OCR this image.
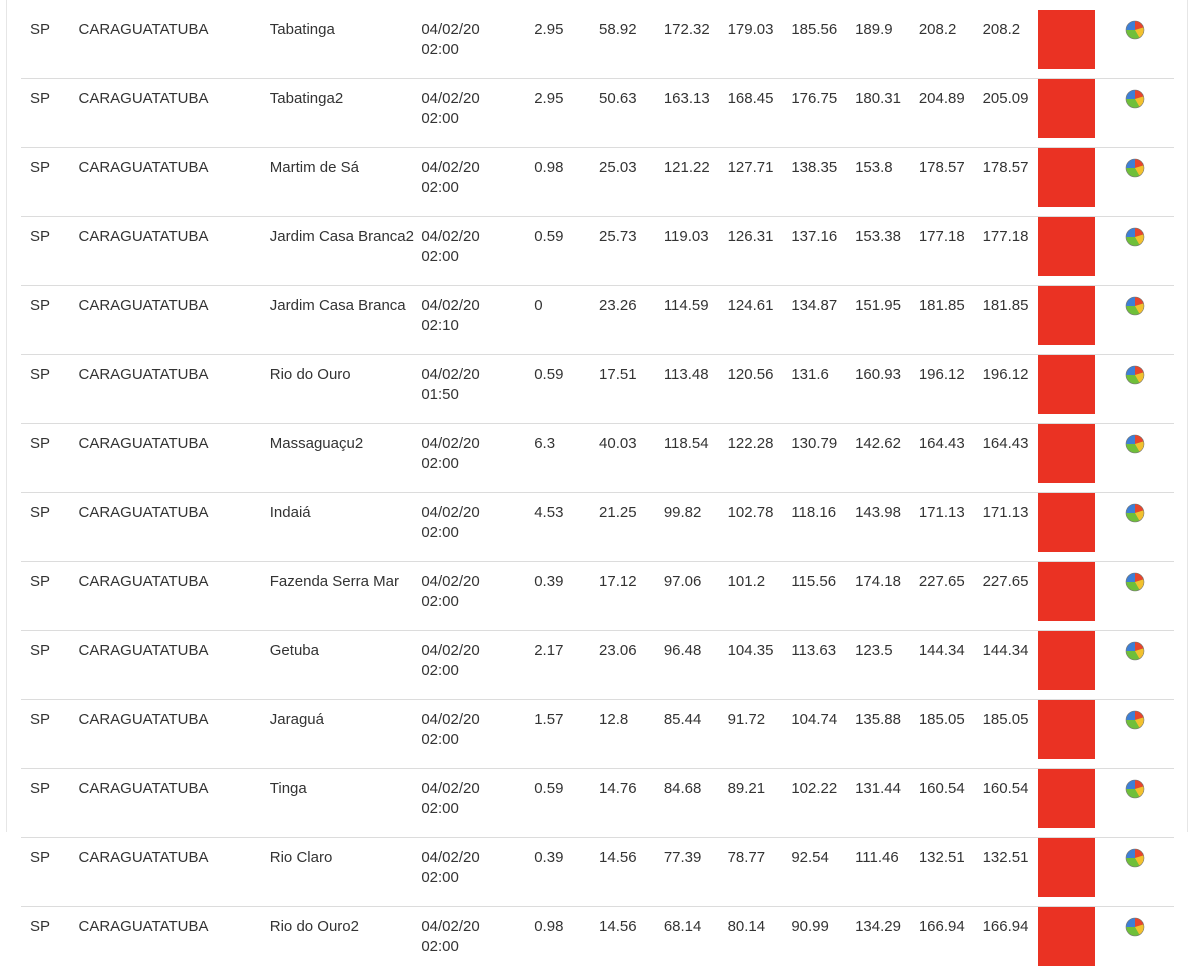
SP	CARAGUATATUBA	Tabatinga	04/02/20
02:00	2.95	58.92	172.32	179.03	185.56	189.9	208.2	208.2	

SP	CARAGUATATUBA	Tabatinga2	04/02/20
02:00	2.95	50.63	163.13	168.45	176.75	180.31	204.89	205.09	

SP	CARAGUATATUBA	Martim de Sá	04/02/20
02:00	0.98	25.03	121.22	127.71	138.35	153.8	178.57	178.57	

SP	CARAGUATATUBA	Jardim Casa Branca2	04/02/20
02:00	0.59	25.73	119.03	126.31	137.16	153.38	177.18	177.18	

SP	CARAGUATATUBA	Jardim Casa Branca	04/02/20
02:10	0	23.26	114.59	124.61	134.87	151.95	181.85	181.85	

SP	CARAGUATATUBA	Rio do Ouro	04/02/20
01:50	0.59	17.51	113.48	120.56	131.6	160.93	196.12	196.12	

SP	CARAGUATATUBA	Massaguaçu2	04/02/20
02:00	6.3	40.03	118.54	122.28	130.79	142.62	164.43	164.43	

SP	CARAGUATATUBA	Indaiá	04/02/20
02:00	4.53	21.25	99.82	102.78	118.16	143.98	171.13	171.13	

SP	CARAGUATATUBA	Fazenda Serra Mar	04/02/20
02:00	0.39	17.12	97.06	101.2	115.56	174.18	227.65	227.65	

SP	CARAGUATATUBA	Getuba	04/02/20
02:00	2.17	23.06	96.48	104.35	113.63	123.5	144.34	144.34	

SP	CARAGUATATUBA	Jaraguá	04/02/20
02:00	1.57	12.8	85.44	91.72	104.74	135.88	185.05	185.05	

SP	CARAGUATATUBA	Tinga	04/02/20
02:00	0.59	14.76	84.68	89.21	102.22	131.44	160.54	160.54	

SP	CARAGUATATUBA	Rio Claro	04/02/20
02:00	0.39	14.56	77.39	78.77	92.54	111.46	132.51	132.51	

SP	CARAGUATATUBA	Rio do Ouro2	04/02/20
02:00	0.98	14.56	68.14	80.14	90.99	134.29	166.94	166.94	
